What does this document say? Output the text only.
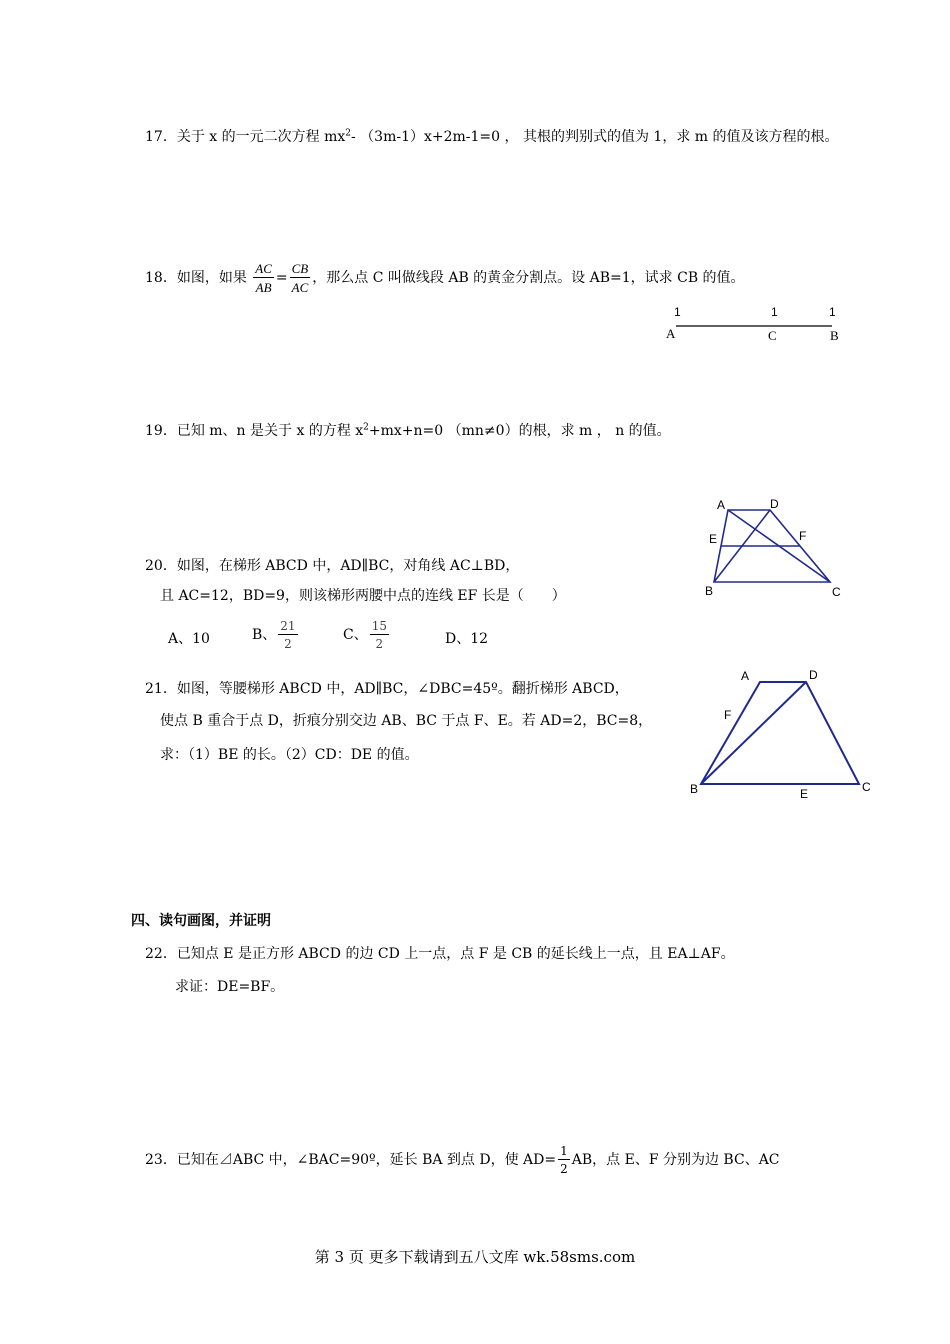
17．关于 x 的一元二次方程 $mx^2-$ （3m-1）x+2m-1=0 ， 其根的判别式的值为 1，求 m 的值及该方程的根。
18．如图，如果 $\frac{AC}{AB} = \frac{CB}{AC}$ ，那么点 C 叫做线段 AB 的黄金分割点。设 AB=1，试求 CB 的值。
1	1	1
A	C	B
19．已知 m、n 是关于 x 的方程 $x^2+mx+n=0$ （mn≠0）的根，求 m ， n 的值。
A	D
E	F
B	C
20．如图，在梯形 ABCD 中，AD∥BC，对角线 AC⊥BD，
且 AC=12，BD=9，则该梯形两腰中点的连线 EF 长是（　　）
A、10	B、 $\frac{21}{2}$	C、 $\frac{15}{2}$	D、12
21．如图，等腰梯形 ABCD 中，AD∥BC，∠DBC=45º。翻折梯形 ABCD，
使点 B 重合于点 D，折痕分别交边 AB、BC 于点 F、E。若 AD=2，BC=8，
求：（1）BE 的长。（2）CD：DE 的值。
A	D
F
B	E	C
四、读句画图，并证明
22．已知点 E 是正方形 ABCD 的边 CD 上一点，点 F 是 CB 的延长线上一点，且 EA⊥AF。
求证：DE=BF。
23．已知在⊿ABC 中，∠BAC=90º，延长 BA 到点 D，使 $AD= \frac{1}{2}$ AB，点 E、F 分别为边 BC、AC
第 3 页 更多下载请到五八文库 wk.58sms.com
